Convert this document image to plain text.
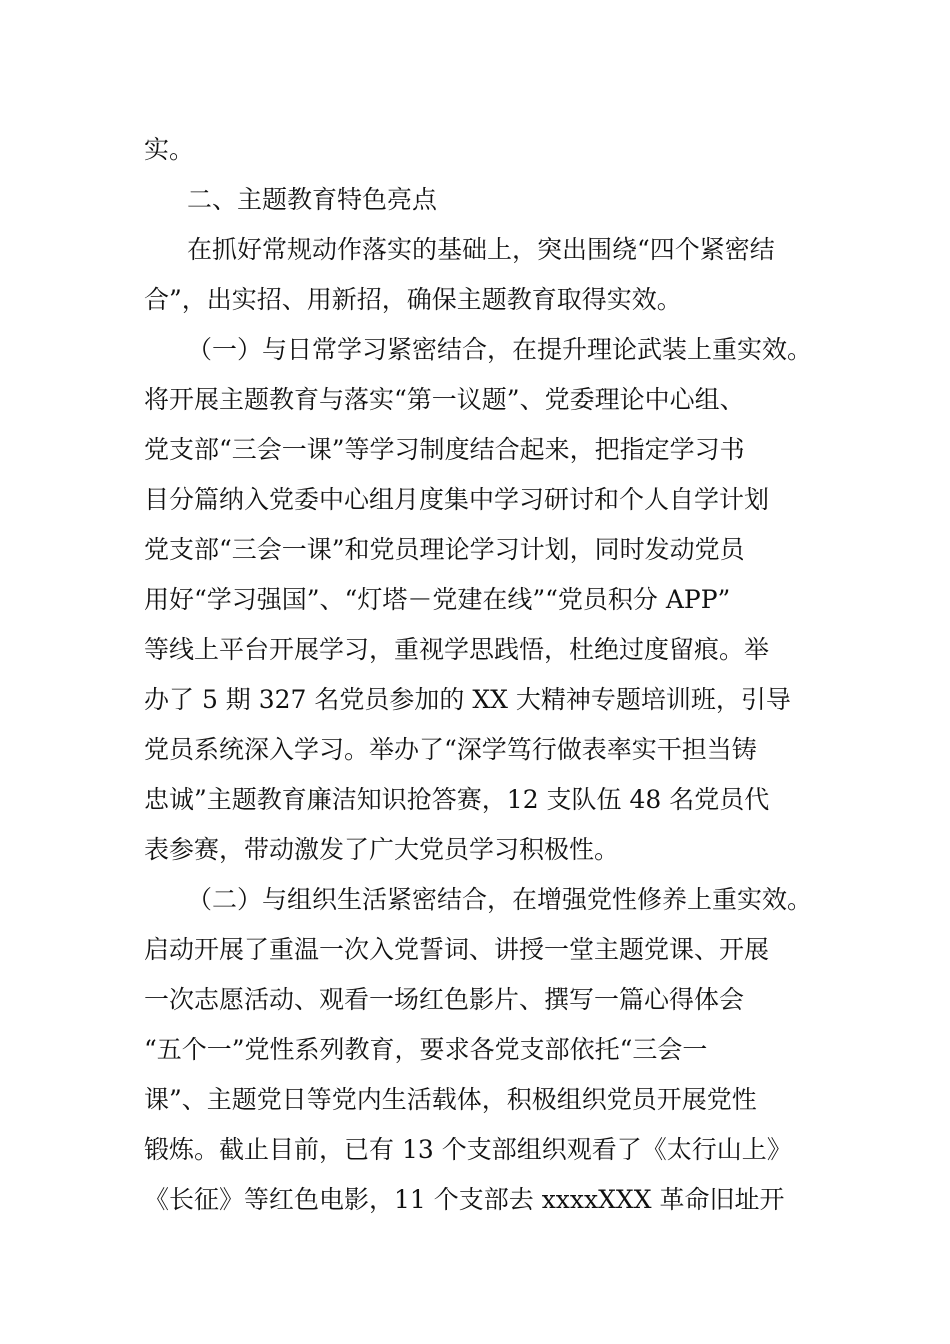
实。
二、主题教育特色亮点
在抓好常规动作落实的基础上，突出围绕“四个紧密结
合”，出实招、用新招，确保主题教育取得实效。
（一）与日常学习紧密结合，在提升理论武装上重实效。
将开展主题教育与落实“第一议题”、党委理论中心组、
党支部“三会一课”等学习制度结合起来，把指定学习书
目分篇纳入党委中心组月度集中学习研讨和个人自学计划
党支部“三会一课”和党员理论学习计划，同时发动党员
用好“学习强国”、“灯塔－党建在线”“党员积分 APP”
等线上平台开展学习，重视学思践悟，杜绝过度留痕。举
办了 5 期 327 名党员参加的 XX 大精神专题培训班，引导
党员系统深入学习。举办了“深学笃行做表率实干担当铸
忠诚”主题教育廉洁知识抢答赛，12 支队伍 48 名党员代
表参赛，带动激发了广大党员学习积极性。
（二）与组织生活紧密结合，在增强党性修养上重实效。
启动开展了重温一次入党誓词、讲授一堂主题党课、开展
一次志愿活动、观看一场红色影片、撰写一篇心得体会
“五个一”党性系列教育，要求各党支部依托“三会一
课”、主题党日等党内生活载体，积极组织党员开展党性
锻炼。截止目前，已有 13 个支部组织观看了《太行山上》
《长征》等红色电影，11 个支部去 xxxxXXX 革命旧址开
